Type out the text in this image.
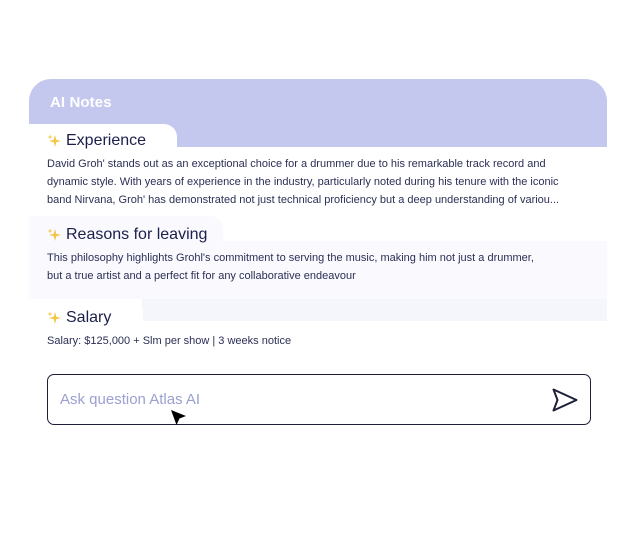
AI Notes
Experience
David Groh' stands out as an exceptional choice for a drummer due to his remarkable track record and
dynamic style. With years of experience in the industry, particularly noted during his tenure with the iconic
band Nirvana, Groh' has demonstrated not just technical proficiency but a deep understanding of variou...
Reasons for leaving
This philosophy highlights Grohl's commitment to serving the music, making him not just a drummer,
but a true artist and a perfect fit for any collaborative endeavour
Salary
Salary: $125,000 + Slm per show | 3 weeks notice
Ask question Atlas AI
